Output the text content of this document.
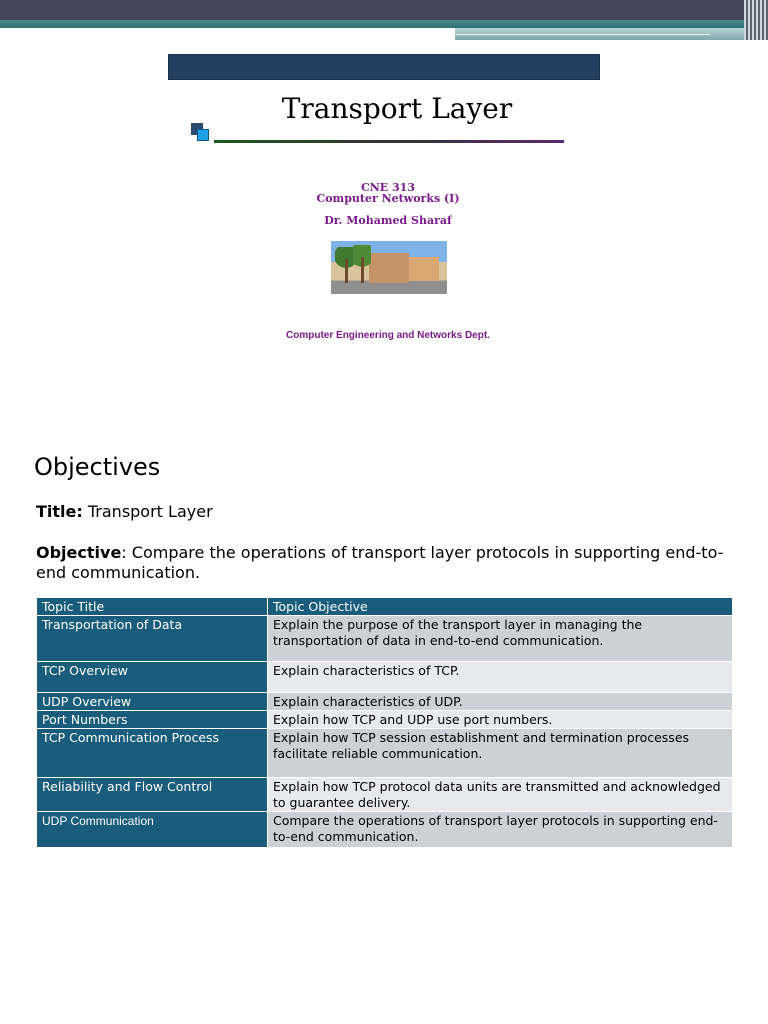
Transport Layer
CNE 313
Computer Networks (I)
Dr. Mohamed Sharaf
Computer Engineering and Networks Dept.
Objectives
Title: Transport Layer
Objective: Compare the operations of transport layer protocols in supporting end-to-end communication.
Topic Title	Topic Objective
Transportation of Data	Explain the purpose of the transport layer in managing the transportation of data in end-to-end communication.
TCP Overview	Explain characteristics of TCP.
UDP Overview	Explain characteristics of UDP.
Port Numbers	Explain how TCP and UDP use port numbers.
TCP Communication Process	Explain how TCP session establishment and termination processes facilitate reliable communication.
Reliability and Flow Control	Explain how TCP protocol data units are transmitted and acknowledged to guarantee delivery.
UDP Communication	Compare the operations of transport layer protocols in supporting end-to-end communication.
